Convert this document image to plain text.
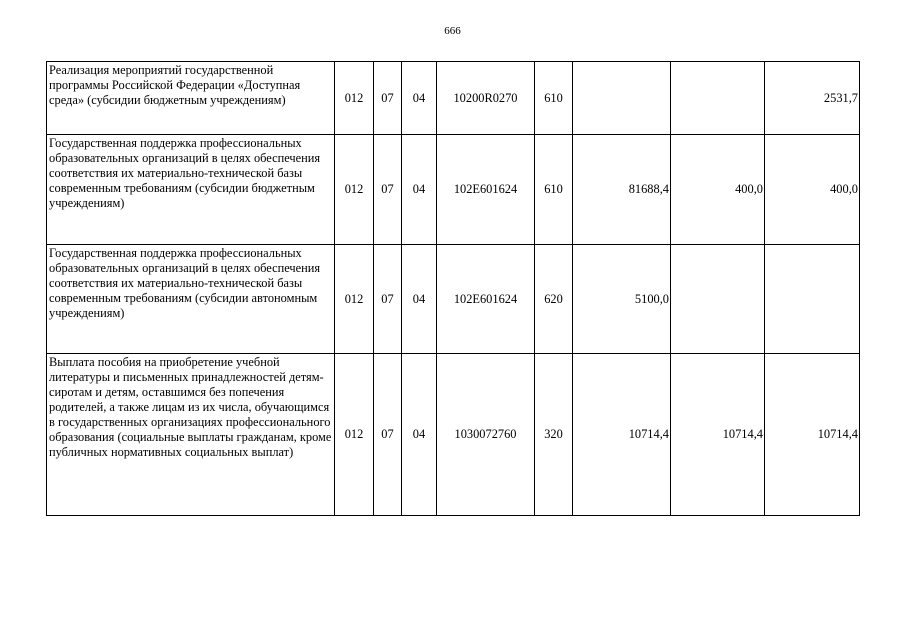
666
Реализация мероприятий государственной программы Российской Федерации «Доступная среда» (субсидии бюджетным учреждениям)	012	07	04	10200R0270	610			2531,7
Государственная поддержка профессиональных образовательных организаций в целях обеспечения соответствия их материально-технической базы современным требованиям (субсидии бюджетным учреждениям)	012	07	04	102E601624	610	81688,4	400,0	400,0
Государственная поддержка профессиональных образовательных организаций в целях обеспечения соответствия их материально-технической базы современным требованиям (субсидии автономным учреждениям)	012	07	04	102E601624	620	5100,0		
Выплата пособия на приобретение учебной литературы и письменных принадлежностей детям-сиротам и детям, оставшимся без попечения родителей, а также лицам из их числа, обучающимся в государственных организациях профессионального образования (социальные выплаты гражданам, кроме публичных нормативных социальных выплат)	012	07	04	1030072760	320	10714,4	10714,4	10714,4
